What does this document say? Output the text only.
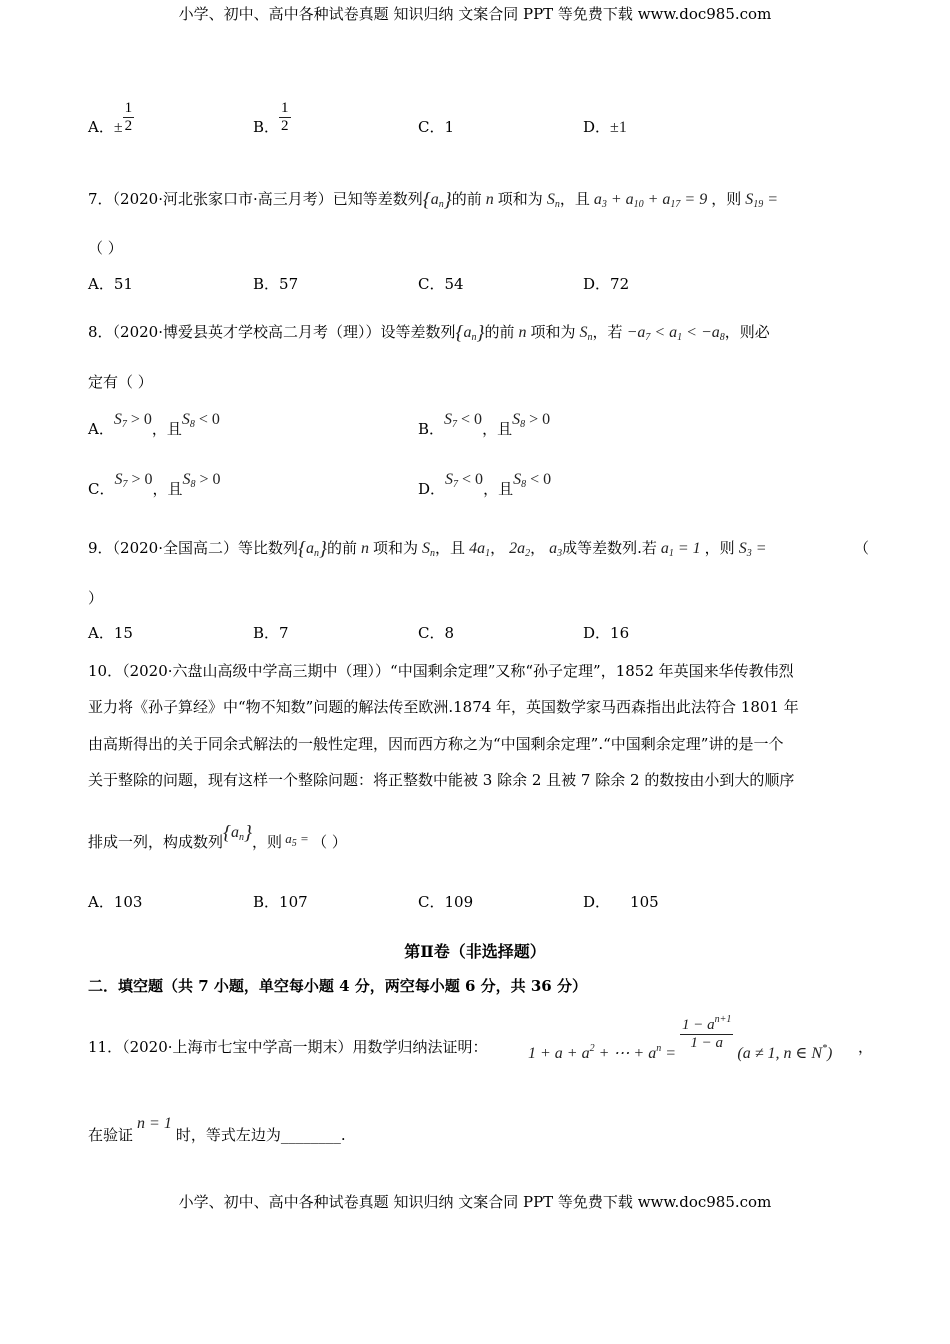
小学、初中、高中各种试卷真题 知识归纳 文案合同 PPT 等免费下载 www.doc985.com
A．± $\frac{1}{2}$	B． $\frac{1}{2}$	C．1	D．±1
7．（2020·河北张家口市·高三月考）已知等差数列$\{a_n\}$的前 n 项和为 $S_n$，且 $a_3 + a_{10} + a_{17} = 9$ ，则 $S_{19}$ =
（ ）
A．51	B．57	C．54	D．72
8．（2020·博爱县英才学校高二月考（理））设等差数列$\{a_n\}$的前 n 项和为 $S_n$，若 $-a_7 < a_1 < -a_8$，则必
定有（ ）
A．$S_7 > 0$，且$S_8 < 0$
B．$S_7 < 0$，且$S_8 > 0$
C．$S_7 > 0$，且$S_8 > 0$
D．$S_7 < 0$，且$S_8 < 0$
9．（2020·全国高二）等比数列$\{a_n\}$的前 n 项和为 $S_n$，且 $4a_1$， $2a_2$， $a_3$成等差数列.若 $a_1 = 1$ ，则 $S_3$ =	（
）
A．15	B．7	C．8	D．16
10．（2020·六盘山高级中学高三期中（理））“中国剩余定理”又称“孙子定理”，1852 年英国来华传教伟烈
亚力将《孙子算经》中“物不知数”问题的解法传至欧洲.1874 年，英国数学家马西森指出此法符合 1801 年
由高斯得出的关于同余式解法的一般性定理，因而西方称之为“中国剩余定理”.“中国剩余定理”讲的是一个
关于整除的问题，现有这样一个整除问题：将正整数中能被 3 除余 2 且被 7 除余 2 的数按由小到大的顺序
排成一列，构成数列$\{a_n\}$，则 $a_5$ = （ ）
A．103	B．107	C．109	D． 105
第Ⅱ卷（非选择题）
二．填空题（共 7 小题，单空每小题 4 分，两空每小题 6 分，共 36 分）
11．（2020·上海市七宝中学高一期末）用数学归纳法证明：	$1 + a + a^2$ + ⋯ + $a^n$ =
$\frac{1 - a^{n+1}}{1 - a}$
(a ≠ 1, n ∈ N*) ，
在验证 n = 1 时，等式左边为________.
小学、初中、高中各种试卷真题 知识归纳 文案合同 PPT 等免费下载 www.doc985.com
